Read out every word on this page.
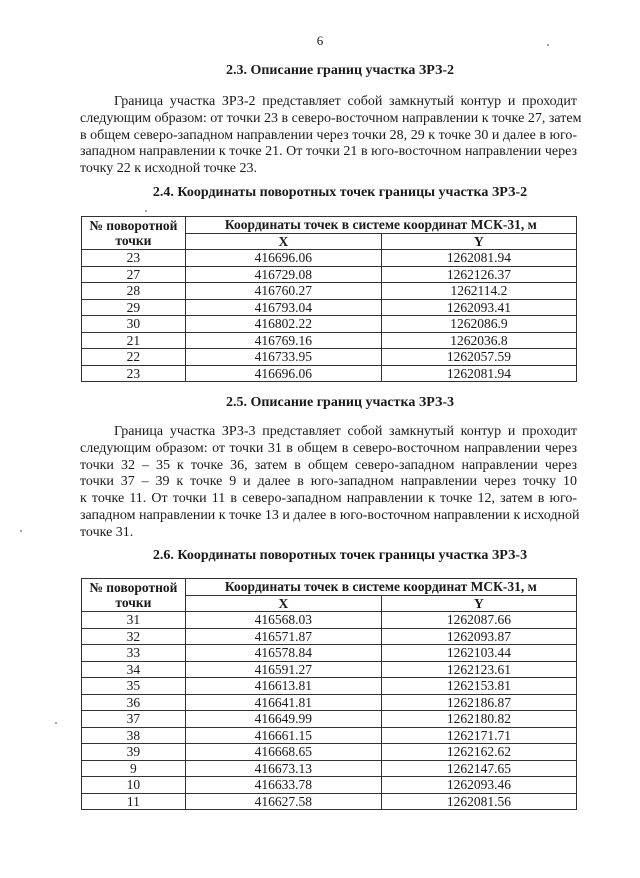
6
2.3. Описание границ участка ЗРЗ-2
Граница участка ЗРЗ-2 представляет собой замкнутый контур и проходит
следующим образом: от точки 23 в северо-восточном направлении к точке 27, затем
в общем северо-западном направлении через точки 28, 29 к точке 30 и далее в юго-
западном направлении к точке 21. От точки 21 в юго-восточном направлении через
точку 22 к исходной точке 23.
2.4. Координаты поворотных точек границы участка ЗРЗ-2
№ поворотной точки	Координаты точек в системе координат МСК-31, м	
	X	Y
23	416696.06	1262081.94
27	416729.08	1262126.37
28	416760.27	1262114.2
29	416793.04	1262093.41
30	416802.22	1262086.9
21	416769.16	1262036.8
22	416733.95	1262057.59
23	416696.06	1262081.94
2.5. Описание границ участка ЗРЗ-3
Граница участка ЗРЗ-3 представляет собой замкнутый контур и проходит
следующим образом: от точки 31 в общем в северо-восточном направлении через
точки 32 – 35 к точке 36, затем в общем северо-западном направлении через
точки 37 – 39 к точке 9 и далее в юго-западном направлении через точку 10
к точке 11. От точки 11 в северо-западном направлении к точке 12, затем в юго-
западном направлении к точке 13 и далее в юго-восточном направлении к исходной
точке 31.
2.6. Координаты поворотных точек границы участка ЗРЗ-3
№ поворотной точки	Координаты точек в системе координат МСК-31, м	
	X	Y
31	416568.03	1262087.66
32	416571.87	1262093.87
33	416578.84	1262103.44
34	416591.27	1262123.61
35	416613.81	1262153.81
36	416641.81	1262186.87
37	416649.99	1262180.82
38	416661.15	1262171.71
39	416668.65	1262162.62
9	416673.13	1262147.65
10	416633.78	1262093.46
11	416627.58	1262081.56
